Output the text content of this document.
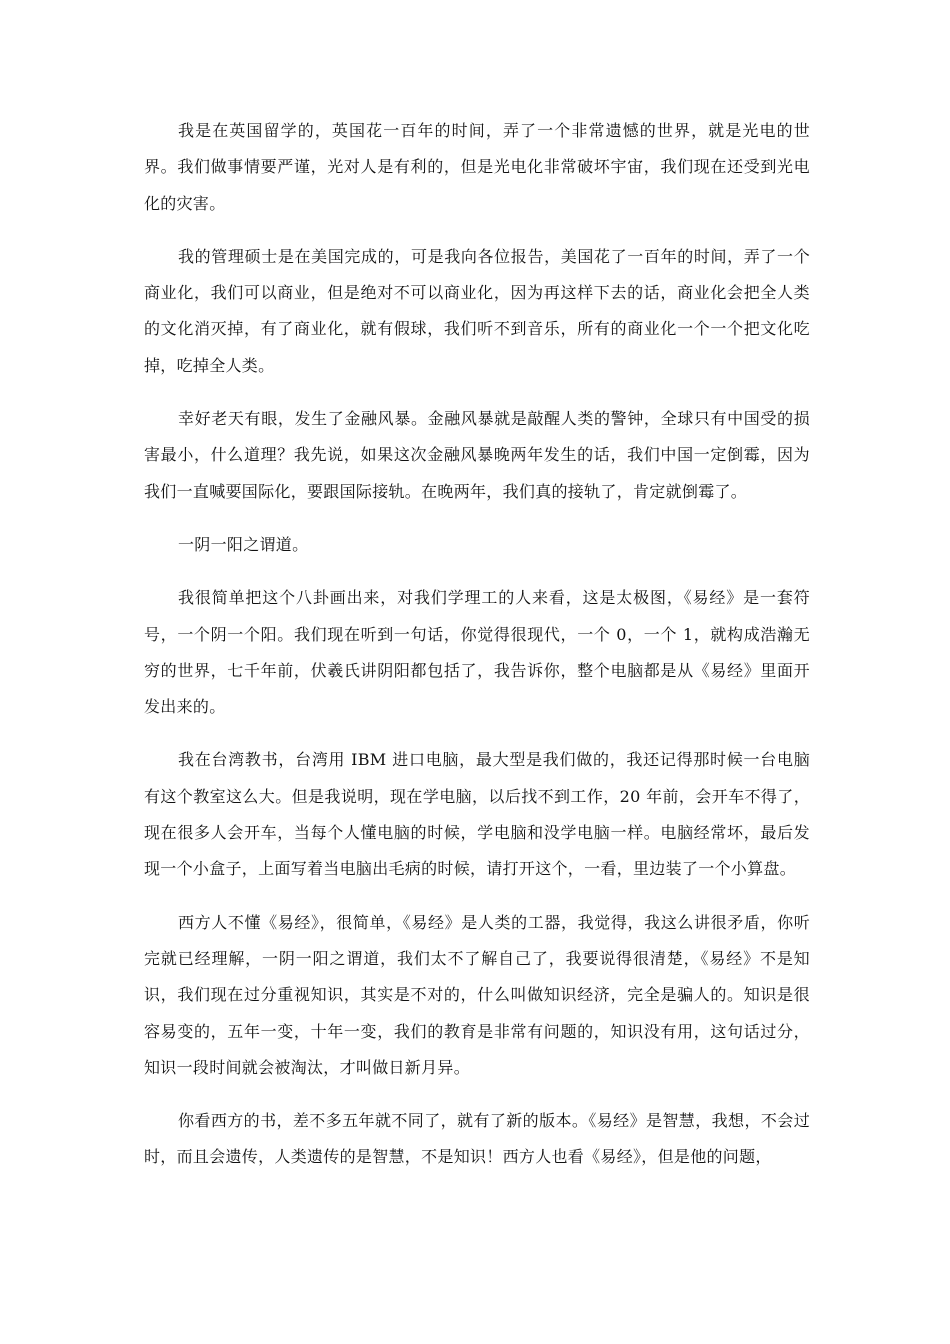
我是在英国留学的，英国花一百年的时间，弄了一个非常遗憾的世界，就是光电的世界。我们做事情要严谨，光对人是有利的，但是光电化非常破坏宇宙，我们现在还受到光电化的灾害。

我的管理硕士是在美国完成的，可是我向各位报告，美国花了一百年的时间，弄了一个商业化，我们可以商业，但是绝对不可以商业化，因为再这样下去的话，商业化会把全人类的文化消灭掉，有了商业化，就有假球，我们听不到音乐，所有的商业化一个一个把文化吃掉，吃掉全人类。

幸好老天有眼，发生了金融风暴。金融风暴就是敲醒人类的警钟，全球只有中国受的损害最小，什么道理？我先说，如果这次金融风暴晚两年发生的话，我们中国一定倒霉，因为我们一直喊要国际化，要跟国际接轨。在晚两年，我们真的接轨了，肯定就倒霉了。

一阴一阳之谓道。

我很简单把这个八卦画出来，对我们学理工的人来看，这是太极图，《易经》是一套符号，一个阴一个阳。我们现在听到一句话，你觉得很现代，一个 0，一个 1，就构成浩瀚无穷的世界，七千年前，伏羲氏讲阴阳都包括了，我告诉你，整个电脑都是从《易经》里面开发出来的。

我在台湾教书，台湾用 IBM 进口电脑，最大型是我们做的，我还记得那时候一台电脑有这个教室这么大。但是我说明，现在学电脑，以后找不到工作，20 年前，会开车不得了，现在很多人会开车，当每个人懂电脑的时候，学电脑和没学电脑一样。电脑经常坏，最后发现一个小盒子，上面写着当电脑出毛病的时候，请打开这个，一看，里边装了一个小算盘。

西方人不懂《易经》，很简单，《易经》是人类的工器，我觉得，我这么讲很矛盾，你听完就已经理解，一阴一阳之谓道，我们太不了解自己了，我要说得很清楚，《易经》不是知识，我们现在过分重视知识，其实是不对的，什么叫做知识经济，完全是骗人的。知识是很容易变的，五年一变，十年一变，我们的教育是非常有问题的，知识没有用，这句话过分，知识一段时间就会被淘汰，才叫做日新月异。

你看西方的书，差不多五年就不同了，就有了新的版本。《易经》是智慧，我想，不会过时，而且会遗传，人类遗传的是智慧，不是知识！西方人也看《易经》，但是他的问题，
